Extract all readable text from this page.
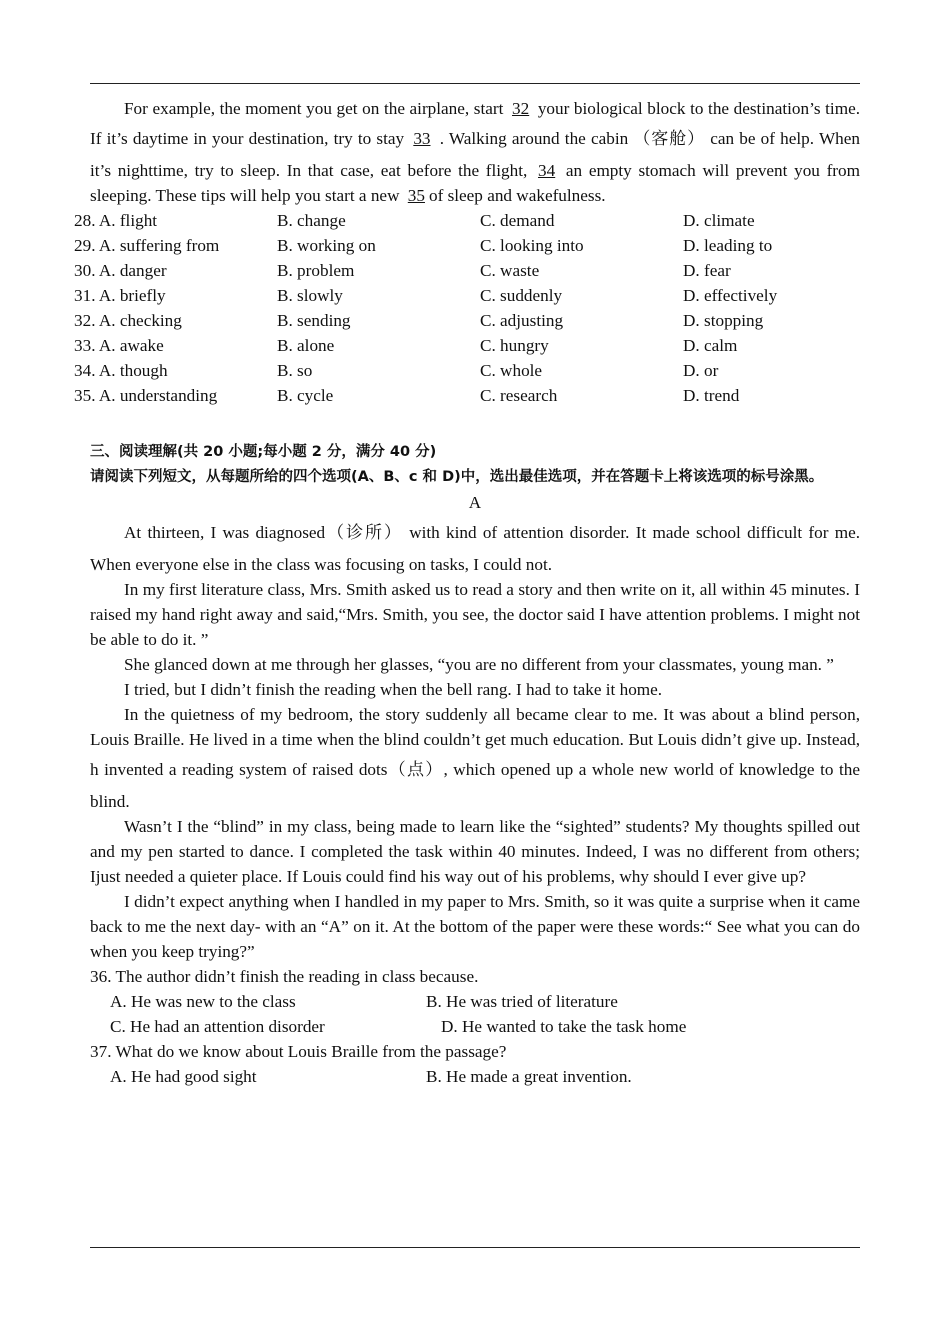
For example, the moment you get on the airplane, start 32 your biological block to the destination’s time. If it’s daytime in your destination, try to stay 33 . Walking around the cabin （客舱） can be of help. When it’s nighttime, try to sleep. In that case, eat before the flight, 34 an empty stomach will prevent you from sleeping. These tips will help you start a new 35 of sleep and wakefulness.

28. A. flight	B. change	C. demand	D. climate
29. A. suffering from	B. working on	C. looking into	D. leading to
30. A. danger	B. problem	C. waste	D. fear
31. A. briefly	B. slowly	C. suddenly	D. effectively
32. A. checking	B. sending	C. adjusting	D. stopping
33. A. awake	B. alone	C. hungry	D. calm
34. A. though	B. so	C. whole	D. or
35. A. understanding	B. cycle	C. research	D. trend

三、阅读理解(共 20 小题;每小题 2 分，满分 40 分)

请阅读下列短文，从每题所给的四个选项(A、B、c 和 D)中，选出最佳选项，并在答题卡上将该选项的标号涂黑。

A

At thirteen, I was diagnosed（诊所） with kind of attention disorder. It made school difficult for me. When everyone else in the class was focusing on tasks, I could not.

In my first literature class, Mrs. Smith asked us to read a story and then write on it, all within 45 minutes. I raised my hand right away and said,“Mrs. Smith, you see, the doctor said I have attention problems. I might not be able to do it. ”

She glanced down at me through her glasses, “you are no different from your classmates, young man. ”

I tried, but I didn’t finish the reading when the bell rang. I had to take it home.

In the quietness of my bedroom, the story suddenly all became clear to me. It was about a blind person, Louis Braille. He lived in a time when the blind couldn’t get much education. But Louis didn’t give up. Instead, h invented a reading system of raised dots（点）, which opened up a whole new world of knowledge to the blind.

Wasn’t I the “blind” in my class, being made to learn like the “sighted” students? My thoughts spilled out and my pen started to dance. I completed the task within 40 minutes. Indeed, I was no different from others; Ijust needed a quieter place. If Louis could find his way out of his problems, why should I ever give up?

I didn’t expect anything when I handled in my paper to Mrs. Smith, so it was quite a surprise when it came back to me the next day- with an “A” on it. At the bottom of the paper were these words:“ See what you can do when you keep trying?”

36. The author didn’t finish the reading in class because.

A. He was new to the class	B. He was tried of literature
C. He had an attention disorder	D. He wanted to take the task home

37. What do we know about Louis Braille from the passage?

A. He had good sight	B. He made a great invention.
